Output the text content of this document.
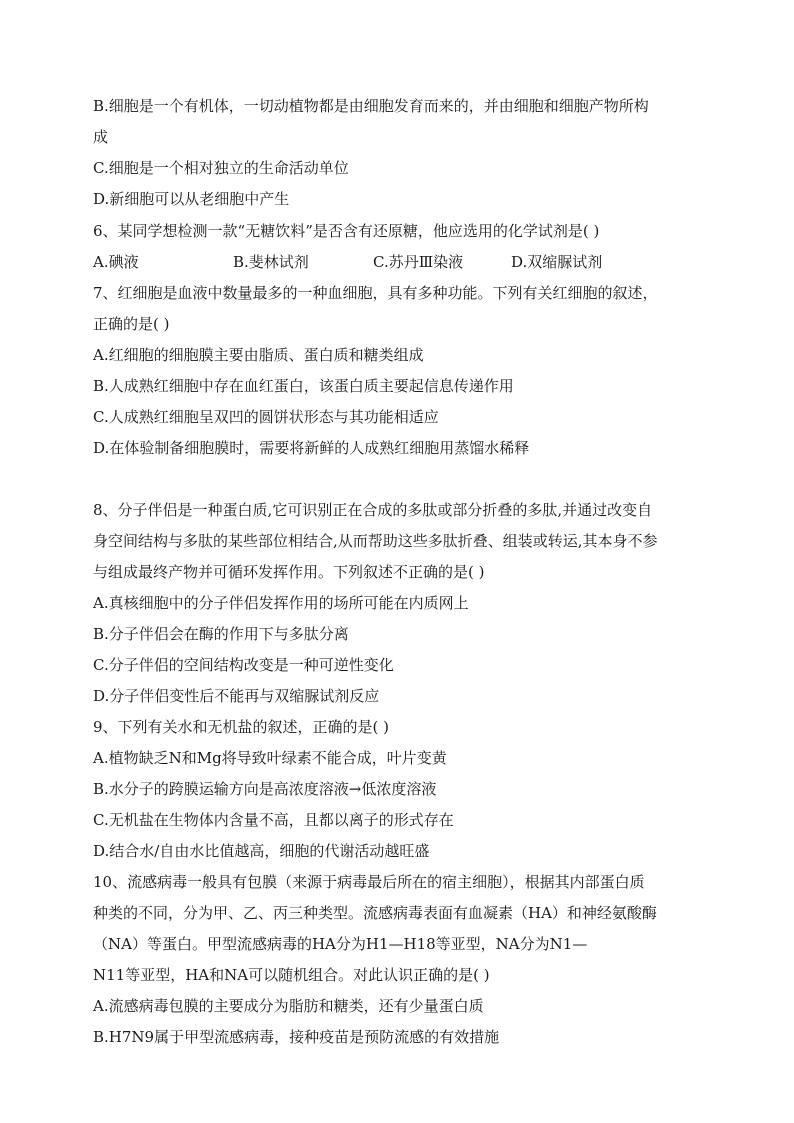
B.细胞是一个有机体，一切动植物都是由细胞发育而来的，并由细胞和细胞产物所构
成
C.细胞是一个相对独立的生命活动单位
D.新细胞可以从老细胞中产生
6、某同学想检测一款“无糖饮料”是否含有还原糖，他应选用的化学试剂是( )
A.碘液	B.斐林试剂	C.苏丹Ⅲ染液	D.双缩脲试剂
7、红细胞是血液中数量最多的一种血细胞，具有多种功能。下列有关红细胞的叙述，
正确的是( )
A.红细胞的细胞膜主要由脂质、蛋白质和糖类组成
B.人成熟红细胞中存在血红蛋白，该蛋白质主要起信息传递作用
C.人成熟红细胞呈双凹的圆饼状形态与其功能相适应
D.在体验制备细胞膜时，需要将新鲜的人成熟红细胞用蒸馏水稀释
8、分子伴侣是一种蛋白质,它可识别正在合成的多肽或部分折叠的多肽,并通过改变自
身空间结构与多肽的某些部位相结合,从而帮助这些多肽折叠、组装或转运,其本身不参
与组成最终产物并可循环发挥作用。下列叙述不正确的是( )
A.真核细胞中的分子伴侣发挥作用的场所可能在内质网上
B.分子伴侣会在酶的作用下与多肽分离
C.分子伴侣的空间结构改变是一种可逆性变化
D.分子伴侣变性后不能再与双缩脲试剂反应
9、下列有关水和无机盐的叙述，正确的是( )
A.植物缺乏N和Mg将导致叶绿素不能合成，叶片变黄
B.水分子的跨膜运输方向是高浓度溶液→低浓度溶液
C.无机盐在生物体内含量不高，且都以离子的形式存在
D.结合水/自由水比值越高，细胞的代谢活动越旺盛
10、流感病毒一般具有包膜（来源于病毒最后所在的宿主细胞），根据其内部蛋白质
种类的不同，分为甲、乙、丙三种类型。流感病毒表面有血凝素（HA）和神经氨酸酶
（NA）等蛋白。甲型流感病毒的HA分为H1—H18等亚型，NA分为N1—
N11等亚型，HA和NA可以随机组合。对此认识正确的是( )
A.流感病毒包膜的主要成分为脂肪和糖类，还有少量蛋白质
B.H7N9属于甲型流感病毒，接种疫苗是预防流感的有效措施
